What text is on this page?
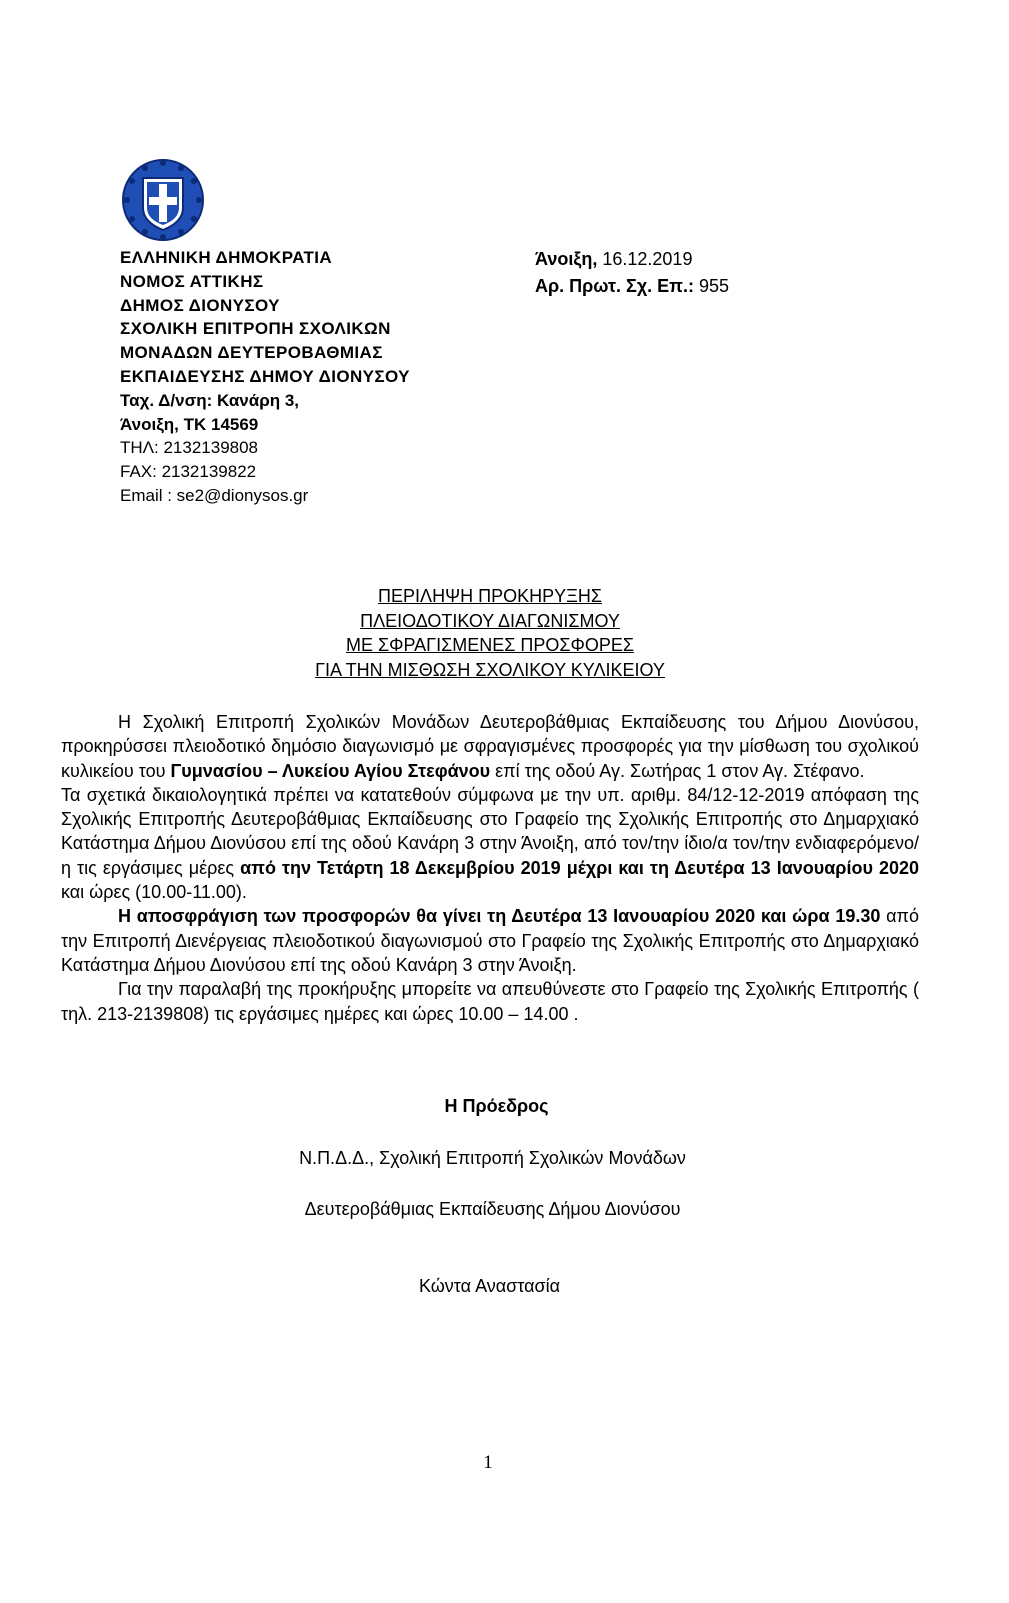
ΕΛΛΗΝΙΚΗ ΔΗΜΟΚΡΑΤΙΑ
ΝΟΜΟΣ ΑΤΤΙΚΗΣ
ΔΗΜΟΣ ΔΙΟΝΥΣΟΥ
ΣΧΟΛΙΚΗ ΕΠΙΤΡΟΠΗ ΣΧΟΛΙΚΩΝ
ΜΟΝΑΔΩΝ ΔΕΥΤΕΡΟΒΑΘΜΙΑΣ
ΕΚΠΑΙΔΕΥΣΗΣ ΔΗΜΟΥ ΔΙΟΝΥΣΟΥ
Ταχ. Δ/νση: Κανάρη 3,
Άνοιξη, ΤΚ 14569
ΤΗΛ: 2132139808
FAX: 2132139822
Email : se2@dionysos.gr
Άνοιξη, 16.12.2019
Αρ. Πρωτ. Σχ. Επ.: 955
ΠΕΡΙΛΗΨΗ ΠΡΟΚΗΡΥΞΗΣ
ΠΛΕΙΟΔΟΤΙΚΟΥ ΔΙΑΓΩΝΙΣΜΟΥ
ΜΕ ΣΦΡΑΓΙΣΜΕΝΕΣ ΠΡΟΣΦΟΡΕΣ
ΓΙΑ ΤΗΝ ΜΙΣΘΩΣΗ ΣΧΟΛΙΚΟΥ ΚΥΛΙΚΕΙΟΥ

Η Σχολική Επιτροπή Σχολικών Μονάδων Δευτεροβάθμιας Εκπαίδευσης του Δήμου Διονύσου, προκηρύσσει πλειοδοτικό δημόσιο διαγωνισμό με σφραγισμένες προσφορές για την μίσθωση του σχολικού κυλικείου του Γυμνασίου – Λυκείου Αγίου Στεφάνου επί της οδού Αγ. Σωτήρας 1 στον Αγ. Στέφανο.

Τα σχετικά δικαιολογητικά πρέπει να κατατεθούν σύμφωνα με την υπ. αριθμ. 84/12-12-2019 απόφαση της Σχολικής Επιτροπής Δευτεροβάθμιας Εκπαίδευσης στο Γραφείο της Σχολικής Επιτροπής στο Δημαρχιακό Κατάστημα Δήμου Διονύσου επί της οδού Κανάρη 3 στην Άνοιξη, από τον/την ίδιο/α τον/την ενδιαφερόμενο/η τις εργάσιμες μέρες από την Τετάρτη 18 Δεκεμβρίου 2019 μέχρι και τη Δευτέρα 13 Ιανουαρίου 2020 και ώρες (10.00-11.00).

Η αποσφράγιση των προσφορών θα γίνει τη Δευτέρα 13 Ιανουαρίου 2020 και ώρα 19.30 από την Επιτροπή Διενέργειας πλειοδοτικού διαγωνισμού στο Γραφείο της Σχολικής Επιτροπής στο Δημαρχιακό Κατάστημα Δήμου Διονύσου επί της οδού Κανάρη 3 στην Άνοιξη.

Για την παραλαβή της προκήρυξης μπορείτε να απευθύνεστε στο Γραφείο της Σχολικής Επιτροπής ( τηλ. 213-2139808) τις εργάσιμες ημέρες και ώρες 10.00 – 14.00 .

Η Πρόεδρος
Ν.Π.Δ.Δ., Σχολική Επιτροπή Σχολικών Μονάδων
Δευτεροβάθμιας Εκπαίδευσης Δήμου Διονύσου
Κώντα Αναστασία
1
